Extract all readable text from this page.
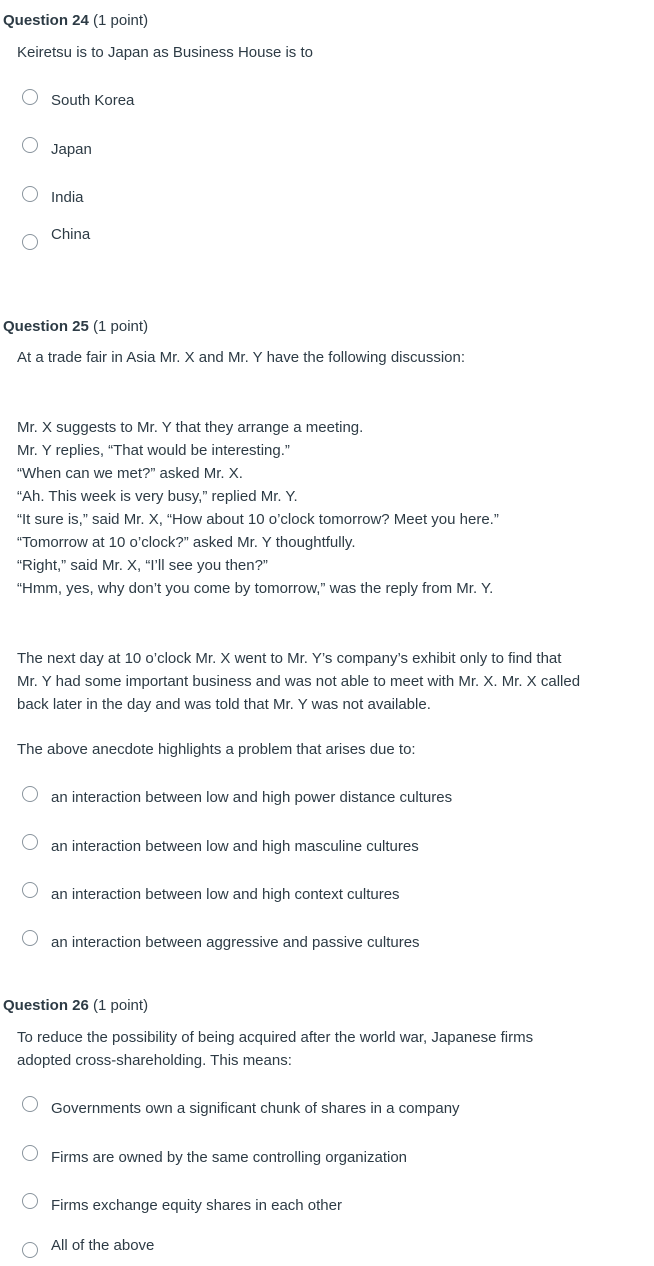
Question 24 (1 point)
Keiretsu is to Japan as Business House is to
South Korea
Japan
India
China
Question 25 (1 point)
At a trade fair in Asia Mr. X and Mr. Y have the following discussion:
Mr. X suggests to Mr. Y that they arrange a meeting.
Mr. Y replies, “That would be interesting.”
“When can we met?” asked Mr. X.
“Ah. This week is very busy,” replied Mr. Y.
“It sure is,” said Mr. X, “How about 10 o’clock tomorrow? Meet you here.”
“Tomorrow at 10 o’clock?” asked Mr. Y thoughtfully.
“Right,” said Mr. X, “I’ll see you then?”
“Hmm, yes, why don’t you come by tomorrow,” was the reply from Mr. Y.
The next day at 10 o’clock Mr. X went to Mr. Y’s company’s exhibit only to find that
Mr. Y had some important business and was not able to meet with Mr. X. Mr. X called
back later in the day and was told that Mr. Y was not available.
The above anecdote highlights a problem that arises due to:
an interaction between low and high power distance cultures
an interaction between low and high masculine cultures
an interaction between low and high context cultures
an interaction between aggressive and passive cultures
Question 26 (1 point)
To reduce the possibility of being acquired after the world war, Japanese firms
adopted cross-shareholding. This means:
Governments own a significant chunk of shares in a company
Firms are owned by the same controlling organization
Firms exchange equity shares in each other
All of the above
